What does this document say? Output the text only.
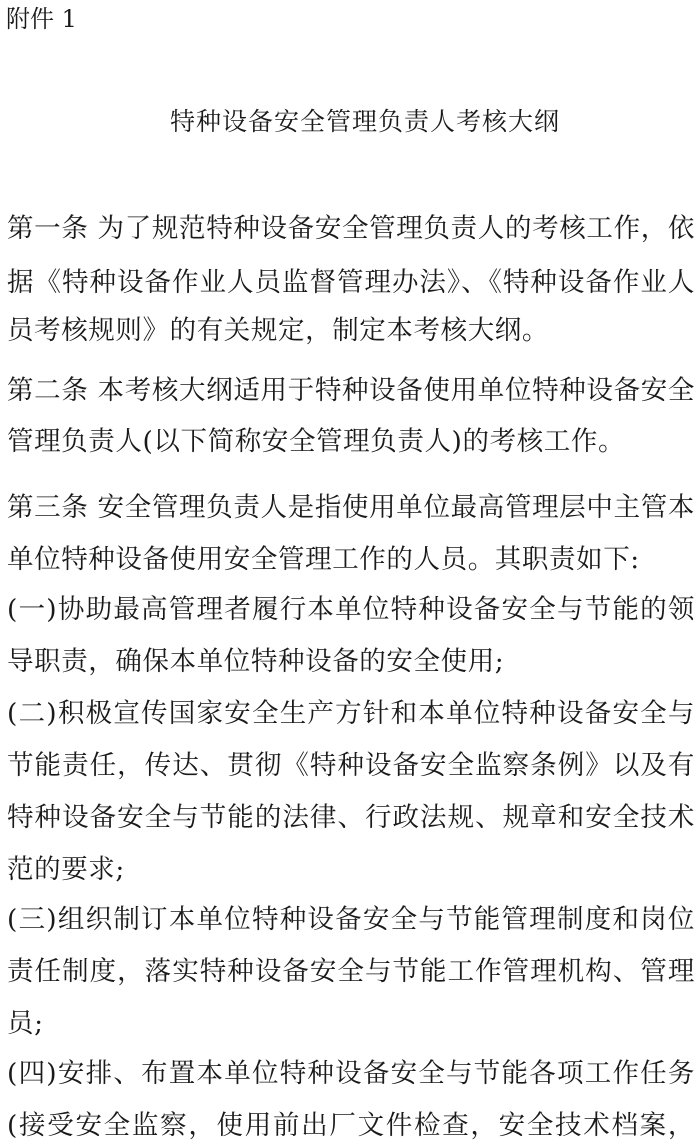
附件 1
特种设备安全管理负责人考核大纲
第一条 为了规范特种设备安全管理负责人的考核工作，依
据《特种设备作业人员监督管理办法》、《特种设备作业人
员考核规则》的有关规定，制定本考核大纲。
第二条 本考核大纲适用于特种设备使用单位特种设备安全
管理负责人(以下简称安全管理负责人)的考核工作。
第三条 安全管理负责人是指使用单位最高管理层中主管本
单位特种设备使用安全管理工作的人员。其职责如下:
(一)协助最高管理者履行本单位特种设备安全与节能的领
导职责，确保本单位特种设备的安全使用;
(二)积极宣传国家安全生产方针和本单位特种设备安全与
节能责任，传达、贯彻《特种设备安全监察条例》以及有
特种设备安全与节能的法律、行政法规、规章和安全技术
范的要求;
(三)组织制订本单位特种设备安全与节能管理制度和岗位
责任制度，落实特种设备安全与节能工作管理机构、管理
员;
(四)安排、布置本单位特种设备安全与节能各项工作任务
(接受安全监察，使用前出厂文件检查，安全技术档案，
